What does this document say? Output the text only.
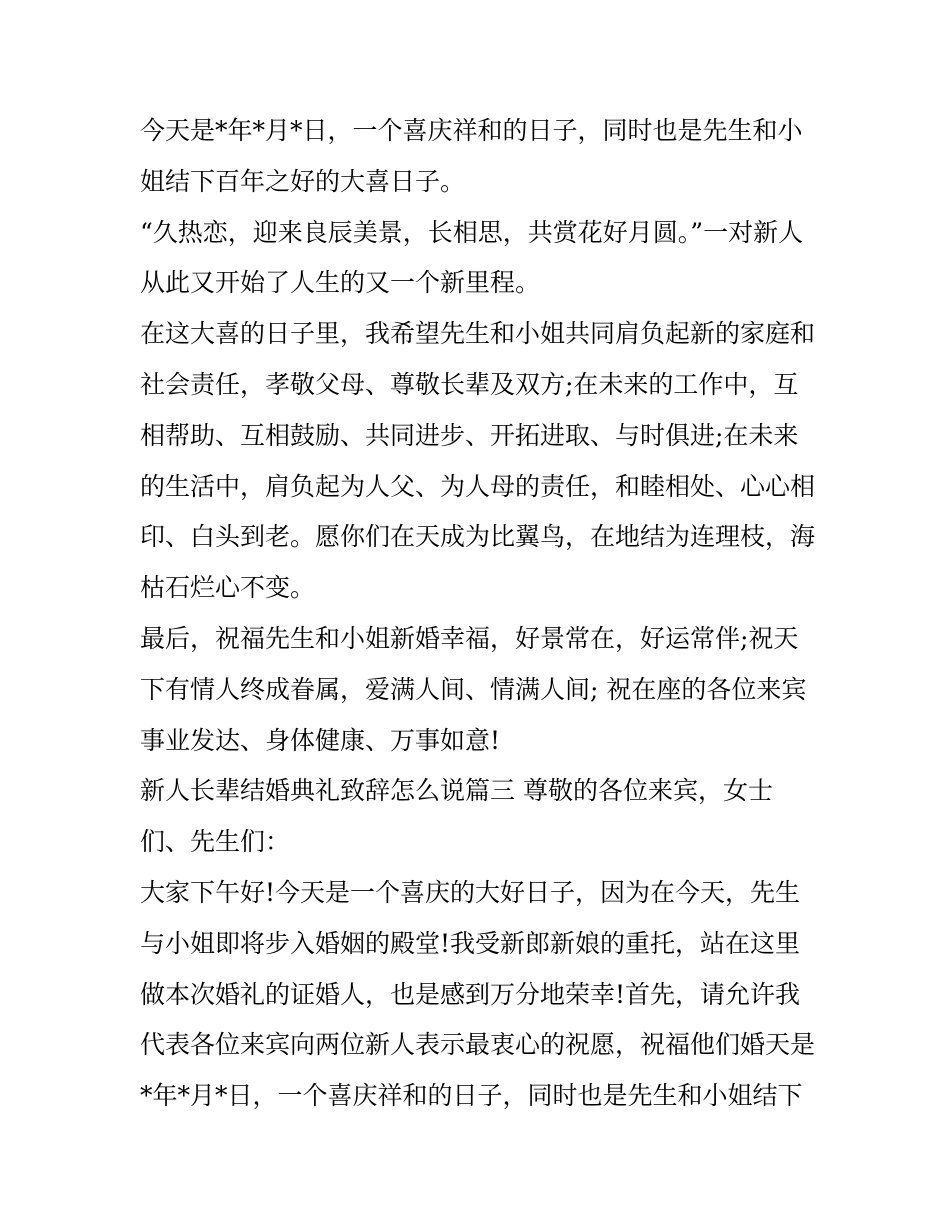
今天是*年*月*日，一个喜庆祥和的日子，同时也是先生和小
姐结下百年之好的大喜日子。
“久热恋，迎来良辰美景，长相思，共赏花好月圆。”一对新人
从此又开始了人生的又一个新里程。
在这大喜的日子里，我希望先生和小姐共同肩负起新的家庭和
社会责任，孝敬父母、尊敬长辈及双方;在未来的工作中，互
相帮助、互相鼓励、共同进步、开拓进取、与时俱进;在未来
的生活中，肩负起为人父、为人母的责任，和睦相处、心心相
印、白头到老。愿你们在天成为比翼鸟，在地结为连理枝，海
枯石烂心不变。
最后，祝福先生和小姐新婚幸福，好景常在，好运常伴;祝天
下有情人终成眷属，爱满人间、情满人间; 祝在座的各位来宾
事业发达、身体健康、万事如意!
新人长辈结婚典礼致辞怎么说篇三 尊敬的各位来宾，女士
们、先生们：
大家下午好!今天是一个喜庆的大好日子，因为在今天，先生
与小姐即将步入婚姻的殿堂!我受新郎新娘的重托，站在这里
做本次婚礼的证婚人，也是感到万分地荣幸!首先，请允许我
代表各位来宾向两位新人表示最衷心的祝愿，祝福他们婚天是
*年*月*日，一个喜庆祥和的日子，同时也是先生和小姐结下
